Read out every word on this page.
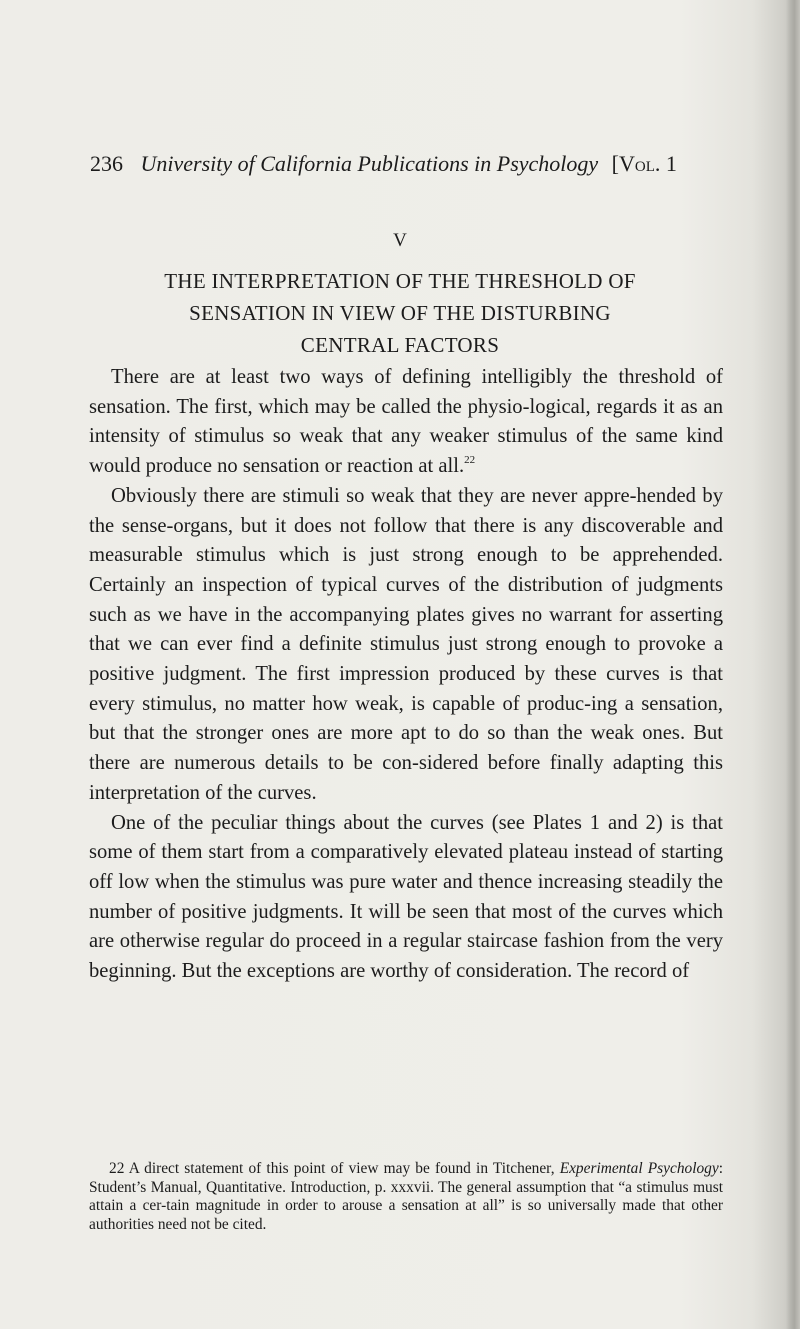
236 University of California Publications in Psychology [Vol. 1
V
THE INTERPRETATION OF THE THRESHOLD OF
SENSATION IN VIEW OF THE DISTURBING
CENTRAL FACTORS

There are at least two ways of defining intelligibly the threshold of sensation. The first, which may be called the physio-logical, regards it as an intensity of stimulus so weak that any weaker stimulus of the same kind would produce no sensation or reaction at all.$^{22}$

Obviously there are stimuli so weak that they are never appre-hended by the sense-organs, but it does not follow that there is any discoverable and measurable stimulus which is just strong enough to be apprehended. Certainly an inspection of typical curves of the distribution of judgments such as we have in the accompanying plates gives no warrant for asserting that we can ever find a definite stimulus just strong enough to provoke a positive judgment. The first impression produced by these curves is that every stimulus, no matter how weak, is capable of produc-ing a sensation, but that the stronger ones are more apt to do so than the weak ones. But there are numerous details to be con-sidered before finally adapting this interpretation of the curves.

One of the peculiar things about the curves (see Plates 1 and 2) is that some of them start from a comparatively elevated plateau instead of starting off low when the stimulus was pure water and thence increasing steadily the number of positive judgments. It will be seen that most of the curves which are otherwise regular do proceed in a regular staircase fashion from the very beginning. But the exceptions are worthy of consideration. The record of

22 A direct statement of this point of view may be found in Titchener, Experimental Psychology: Student’s Manual, Quantitative. Introduction, p. xxxvii. The general assumption that “a stimulus must attain a cer-tain magnitude in order to arouse a sensation at all” is so universally made that other authorities need not be cited.
